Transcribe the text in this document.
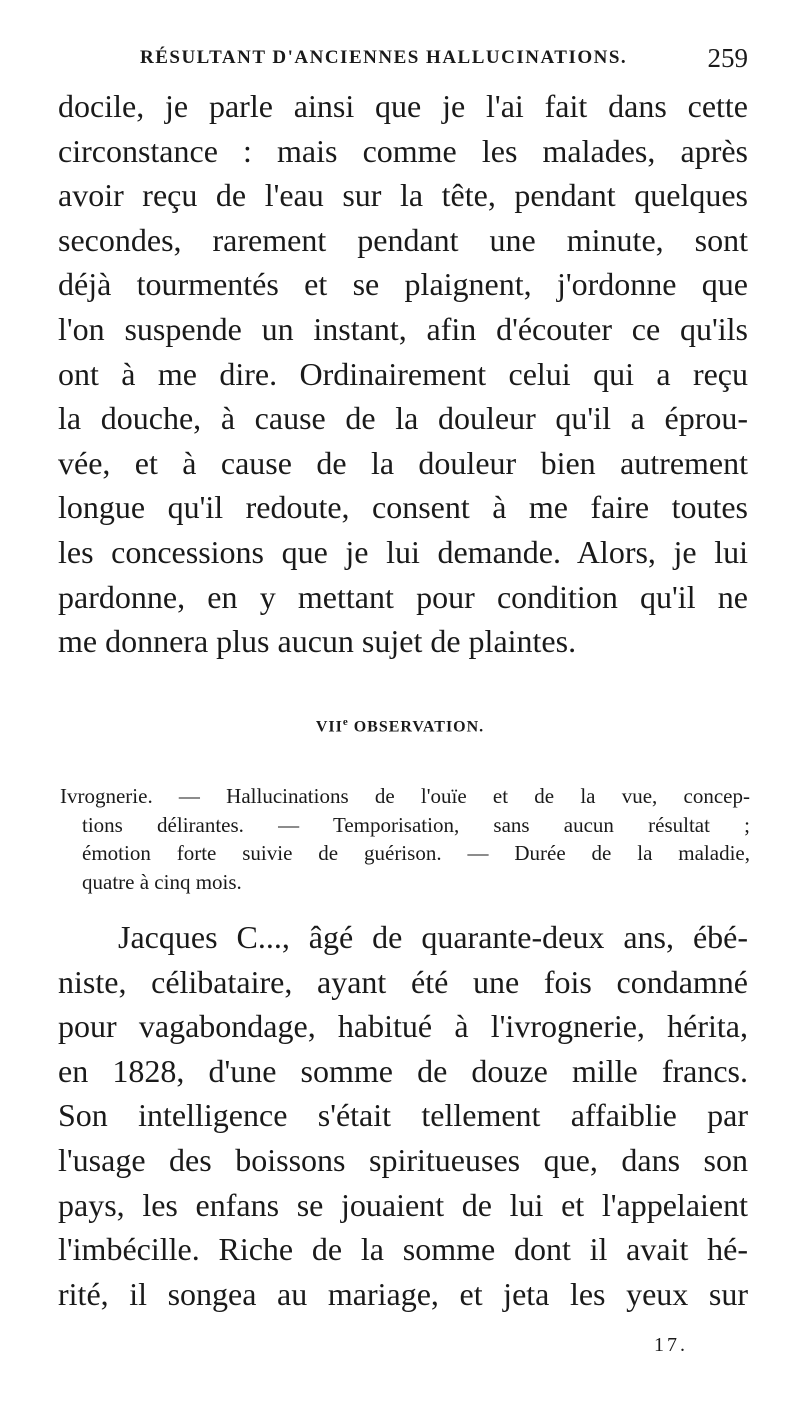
RÉSULTANT D'ANCIENNES HALLUCINATIONS.	259
docile, je parle ainsi que je l'ai fait dans cette
circonstance : mais comme les malades, après
avoir reçu de l'eau sur la tête, pendant quelques
secondes, rarement pendant une minute, sont
déjà tourmentés et se plaignent, j'ordonne que
l'on suspende un instant, afin d'écouter ce qu'ils
ont à me dire. Ordinairement celui qui a reçu
la douche, à cause de la douleur qu'il a éprou-
vée, et à cause de la douleur bien autrement
longue qu'il redoute, consent à me faire toutes
les concessions que je lui demande. Alors, je lui
pardonne, en y mettant pour condition qu'il ne
me donnera plus aucun sujet de plaintes.
VIIe OBSERVATION.
Ivrognerie. — Hallucinations de l'ouïe et de la vue, concep-
tions délirantes. — Temporisation, sans aucun résultat ;
émotion forte suivie de guérison. — Durée de la maladie,
quatre à cinq mois.
Jacques C..., âgé de quarante-deux ans, ébé-
niste, célibataire, ayant été une fois condamné
pour vagabondage, habitué à l'ivrognerie, hérita,
en 1828, d'une somme de douze mille francs.
Son intelligence s'était tellement affaiblie par
l'usage des boissons spiritueuses que, dans son
pays, les enfans se jouaient de lui et l'appelaient
l'imbécille. Riche de la somme dont il avait hé-
rité, il songea au mariage, et jeta les yeux sur
17.
